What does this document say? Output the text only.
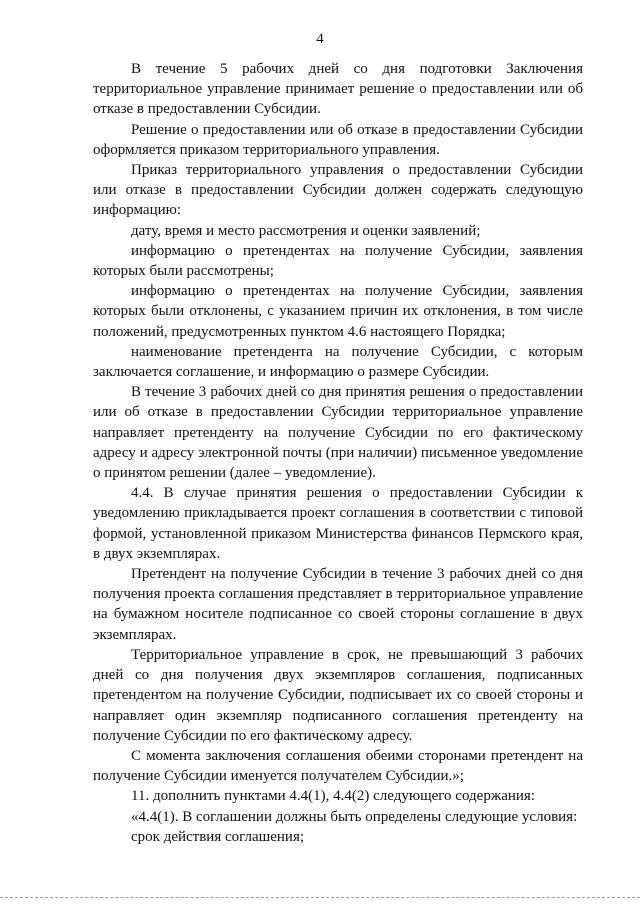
4

В течение 5 рабочих дней со дня подготовки Заключения территориальное управление принимает решение о предоставлении или об отказе в предоставлении Субсидии.

Решение о предоставлении или об отказе в предоставлении Субсидии оформляется приказом территориального управления.

Приказ территориального управления о предоставлении Субсидии или отказе в предоставлении Субсидии должен содержать следующую информацию:

дату, время и место рассмотрения и оценки заявлений;

информацию о претендентах на получение Субсидии, заявления которых были рассмотрены;

информацию о претендентах на получение Субсидии, заявления которых были отклонены, с указанием причин их отклонения, в том числе положений, предусмотренных пунктом 4.6 настоящего Порядка;

наименование претендента на получение Субсидии, с которым заключается соглашение, и информацию о размере Субсидии.

В течение 3 рабочих дней со дня принятия решения о предоставлении или об отказе в предоставлении Субсидии территориальное управление направляет претенденту на получение Субсидии по его фактическому адресу и адресу электронной почты (при наличии) письменное уведомление о принятом решении (далее – уведомление).

4.4. В случае принятия решения о предоставлении Субсидии к уведомлению прикладывается проект соглашения в соответствии с типовой формой, установленной приказом Министерства финансов Пермского края, в двух экземплярах.

Претендент на получение Субсидии в течение 3 рабочих дней со дня получения проекта соглашения представляет в территориальное управление на бумажном носителе подписанное со своей стороны соглашение в двух экземплярах.

Территориальное управление в срок, не превышающий 3 рабочих дней со дня получения двух экземпляров соглашения, подписанных претендентом на получение Субсидии, подписывает их со своей стороны и направляет один экземпляр подписанного соглашения претенденту на получение Субсидии по его фактическому адресу.

С момента заключения соглашения обеими сторонами претендент на получение Субсидии именуется получателем Субсидии.»;

11. дополнить пунктами 4.4(1), 4.4(2) следующего содержания:

«4.4(1). В соглашении должны быть определены следующие условия:

срок действия соглашения;
